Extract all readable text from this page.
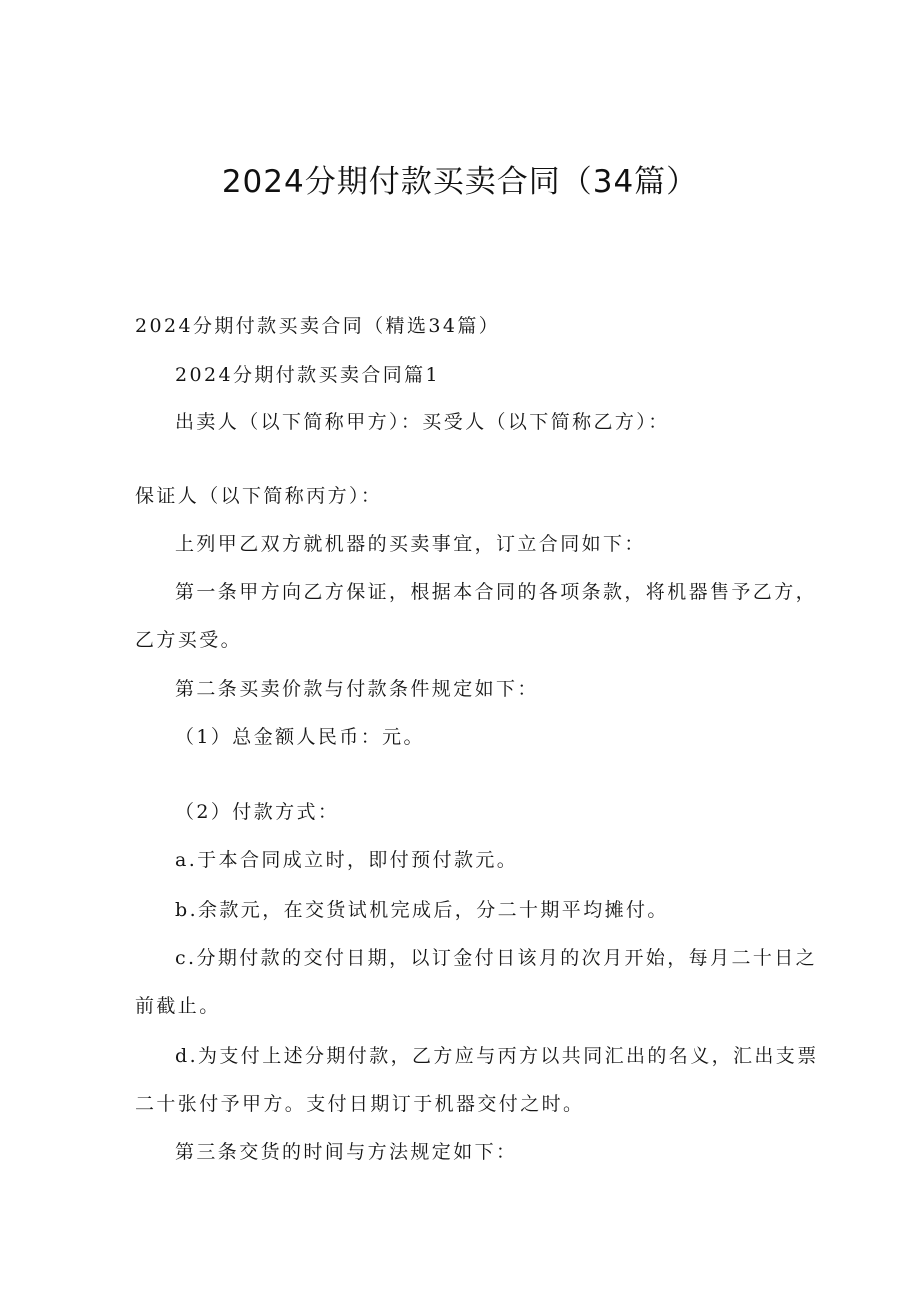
2024分期付款买卖合同（34篇）
2024分期付款买卖合同（精选34篇）
2024分期付款买卖合同篇1
出卖人（以下简称甲方）：买受人（以下简称乙方）：
保证人（以下简称丙方）：
上列甲乙双方就机器的买卖事宜，订立合同如下：
第一条甲方向乙方保证，根据本合同的各项条款，将机器售予乙方，
乙方买受。
第二条买卖价款与付款条件规定如下：
（1）总金额人民币：元。
（2）付款方式：
a.于本合同成立时，即付预付款元。
b.余款元，在交货试机完成后，分二十期平均摊付。
c.分期付款的交付日期，以订金付日该月的次月开始，每月二十日之
前截止。
d.为支付上述分期付款，乙方应与丙方以共同汇出的名义，汇出支票
二十张付予甲方。支付日期订于机器交付之时。
第三条交货的时间与方法规定如下：
